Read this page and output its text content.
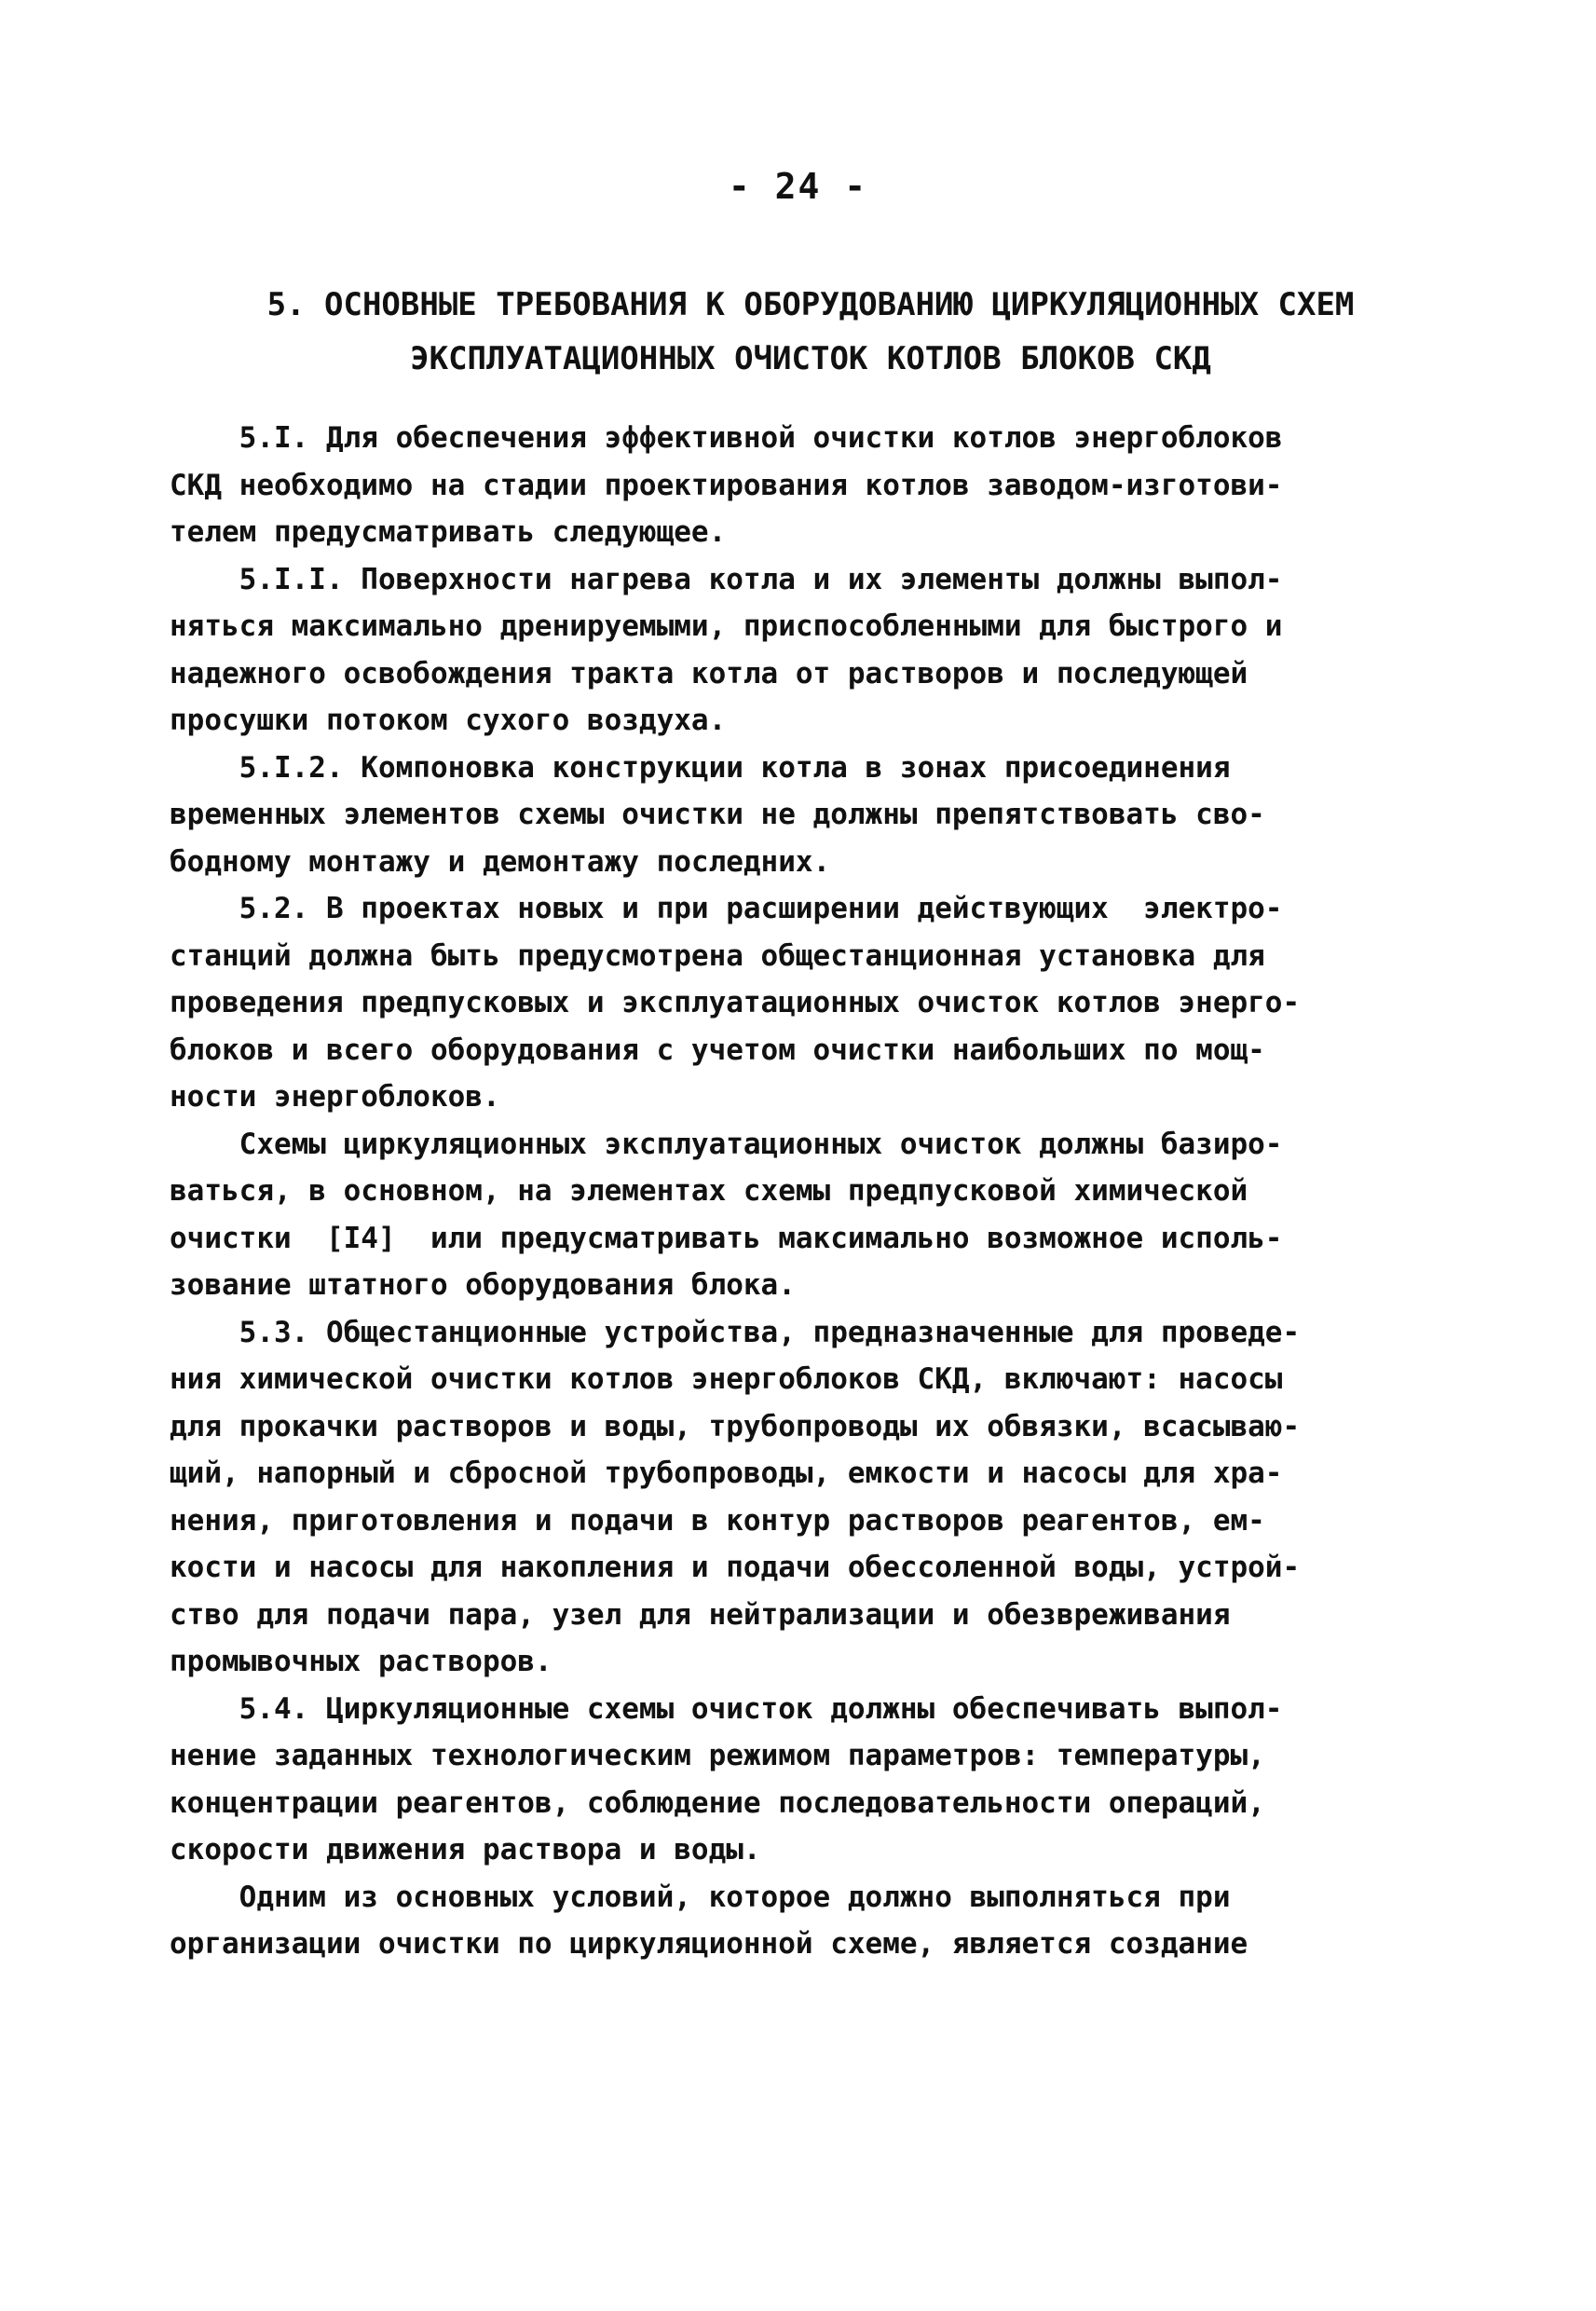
- 24 -
5. ОСНОВНЫЕ ТРЕБОВАНИЯ К ОБОРУДОВАНИЮ ЦИРКУЛЯЦИОННЫХ СХЕМ
ЭКСПЛУАТАЦИОННЫХ ОЧИСТОК КОТЛОВ БЛОКОВ СКД
5.I. Для обеспечения эффективной очистки котлов энергоблоков
СКД необходимо на стадии проектирования котлов заводом-изготови-
телем предусматривать следующее.
5.I.I. Поверхности нагрева котла и их элементы должны выпол-
няться максимально дренируемыми, приспособленными для быстрого и
надежного освобождения тракта котла от растворов и последующей
просушки потоком сухого воздуха.
5.I.2. Компоновка конструкции котла в зонах присоединения
временных элементов схемы очистки не должны препятствовать сво-
бодному монтажу и демонтажу последних.
5.2. В проектах новых и при расширении действующих  электро-
станций должна быть предусмотрена общестанционная установка для
проведения предпусковых и эксплуатационных очисток котлов энерго-
блоков и всего оборудования с учетом очистки наибольших по мощ-
ности энергоблоков.
Схемы циркуляционных эксплуатационных очисток должны базиро-
ваться, в основном, на элементах схемы предпусковой химической
очистки  [I4]  или предусматривать максимально возможное исполь-
зование штатного оборудования блока.
5.3. Общестанционные устройства, предназначенные для проведе-
ния химической очистки котлов энергоблоков СКД, включают: насосы
для прокачки растворов и воды, трубопроводы их обвязки, всасываю-
щий, напорный и сбросной трубопроводы, емкости и насосы для хра-
нения, приготовления и подачи в контур растворов реагентов, ем-
кости и насосы для накопления и подачи обессоленной воды, устрой-
ство для подачи пара, узел для нейтрализации и обезвреживания
промывочных растворов.
5.4. Циркуляционные схемы очисток должны обеспечивать выпол-
нение заданных технологическим режимом параметров: температуры,
концентрации реагентов, соблюдение последовательности операций,
скорости движения раствора и воды.
Одним из основных условий, которое должно выполняться при
организации очистки по циркуляционной схеме, является создание
